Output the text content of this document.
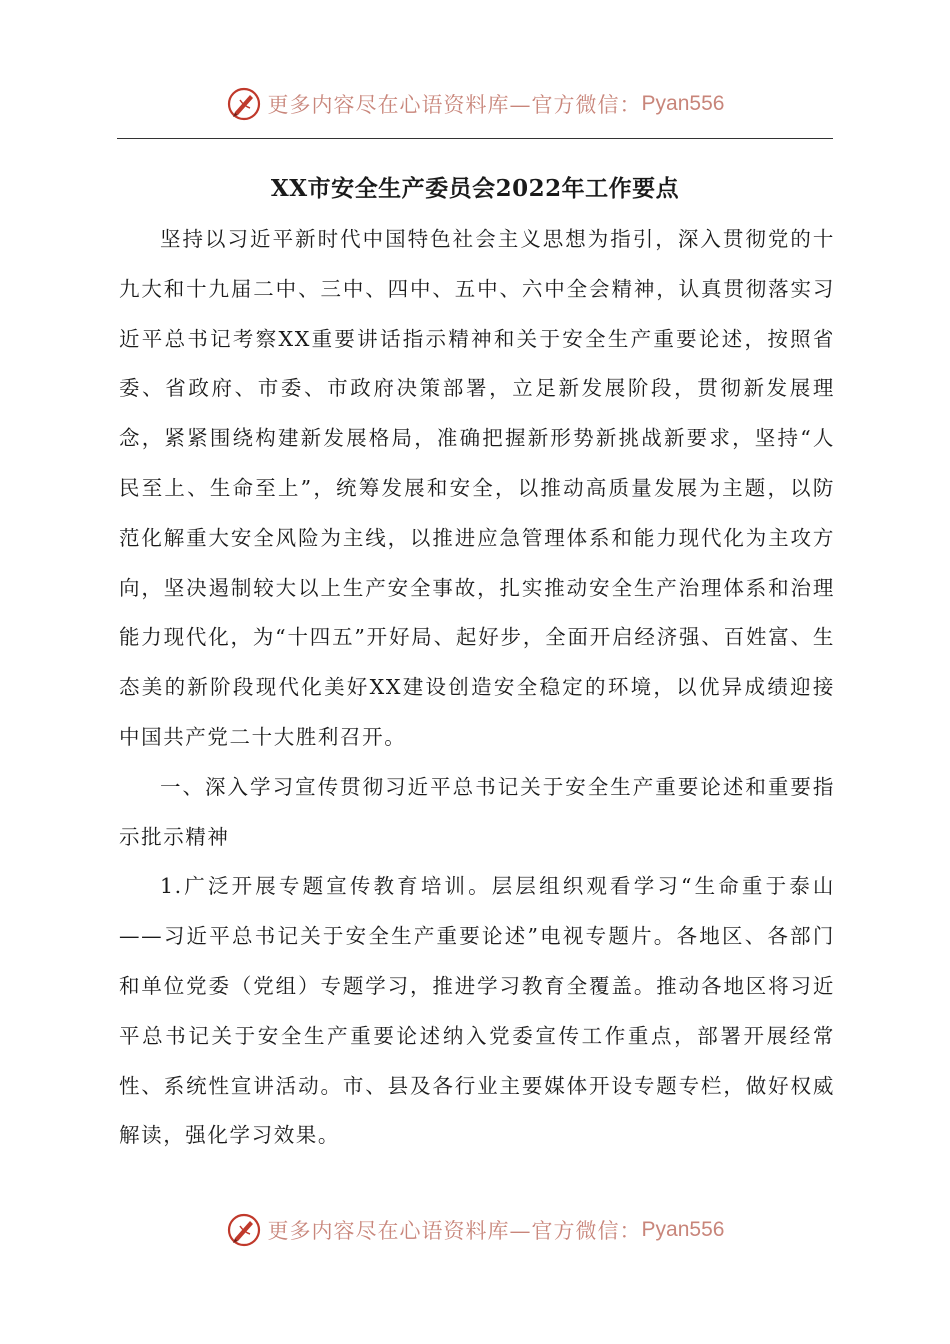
更多内容尽在心语资料库—官方微信： Pyan556
XX市安全生产委员会2022年工作要点

坚持以习近平新时代中国特色社会主义思想为指引，深入贯彻党的十九大和十九届二中、三中、四中、五中、六中全会精神，认真贯彻落实习近平总书记考察XX重要讲话指示精神和关于安全生产重要论述，按照省委、省政府、市委、市政府决策部署，立足新发展阶段，贯彻新发展理念，紧紧围绕构建新发展格局，准确把握新形势新挑战新要求，坚持“人民至上、生命至上”，统筹发展和安全，以推动高质量发展为主题，以防范化解重大安全风险为主线，以推进应急管理体系和能力现代化为主攻方向，坚决遏制较大以上生产安全事故，扎实推动安全生产治理体系和治理能力现代化，为“十四五”开好局、起好步，全面开启经济强、百姓富、生态美的新阶段现代化美好XX建设创造安全稳定的环境，以优异成绩迎接中国共产党二十大胜利召开。

一、深入学习宣传贯彻习近平总书记关于安全生产重要论述和重要指示批示精神

1.广泛开展专题宣传教育培训。层层组织观看学习“生命重于泰山——习近平总书记关于安全生产重要论述”电视专题片。各地区、各部门和单位党委（党组）专题学习，推进学习教育全覆盖。推动各地区将习近平总书记关于安全生产重要论述纳入党委宣传工作重点，部署开展经常性、系统性宣讲活动。市、县及各行业主要媒体开设专题专栏，做好权威解读，强化学习效果。

更多内容尽在心语资料库—官方微信： Pyan556
